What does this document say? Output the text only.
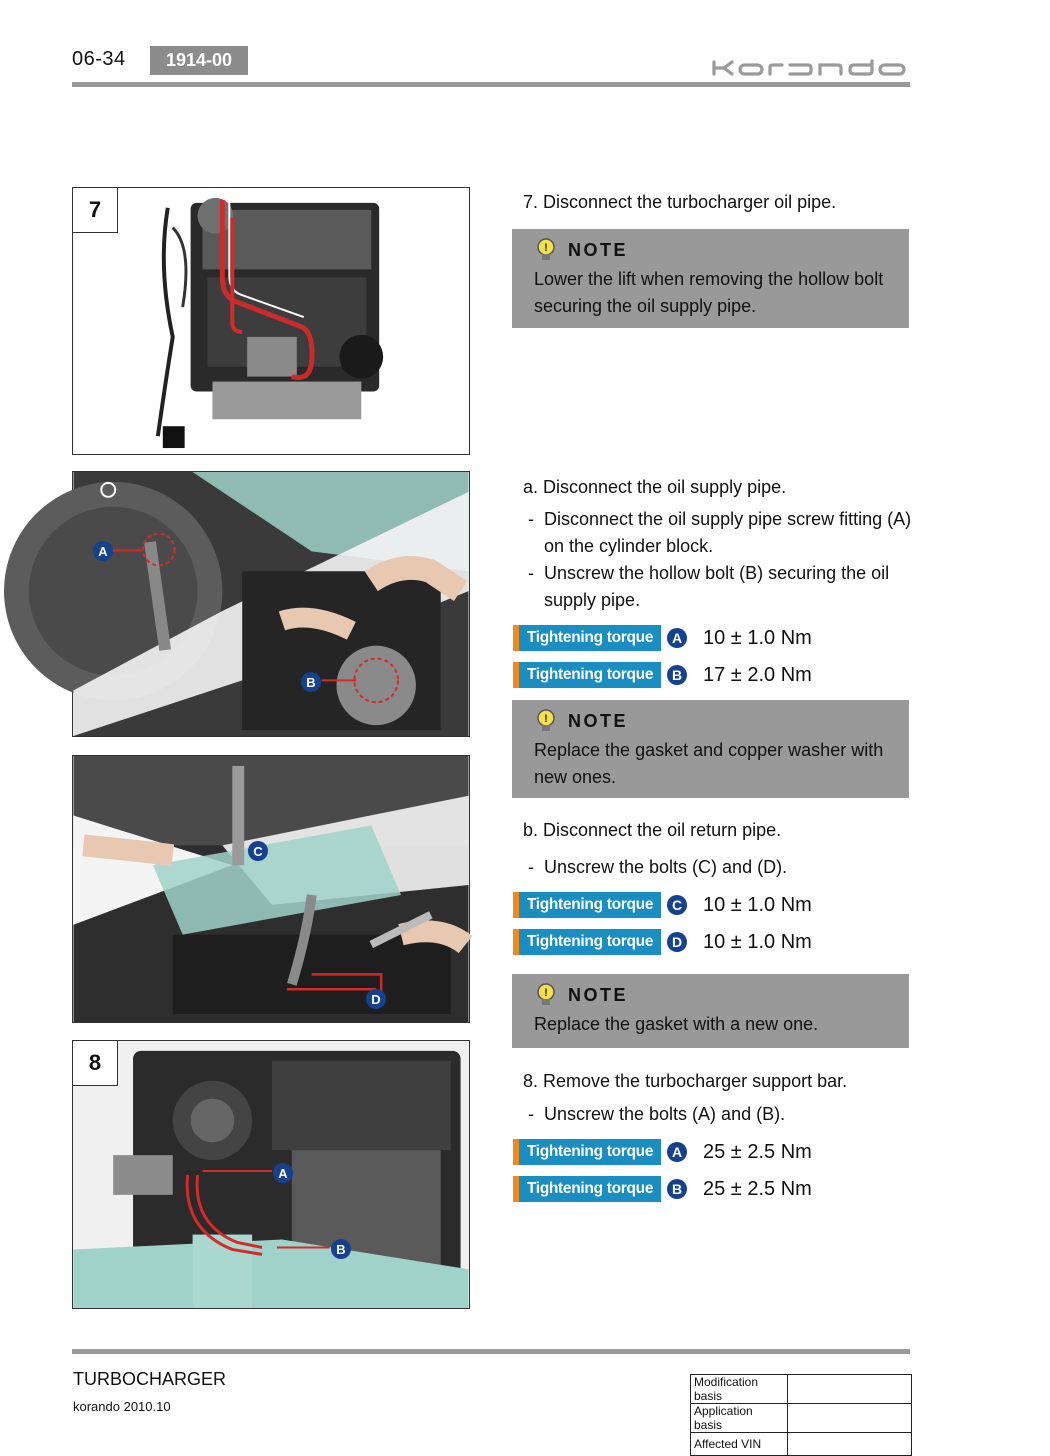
06-34	1914-00
7
A
B
C
D
8
A
B
7. Disconnect the turbocharger oil pipe.
! NOTE
Lower the lift when removing the hollow bolt securing the oil supply pipe.
a. Disconnect the oil supply pipe.
- Disconnect the oil supply pipe screw fitting (A) on the cylinder block.
- Unscrew the hollow bolt (B) securing the oil supply pipe.
Tightening torque	A 10 ± 1.0 Nm
Tightening torque	B 17 ± 2.0 Nm
! NOTE
Replace the gasket and copper washer with new ones.
b. Disconnect the oil return pipe.
- Unscrew the bolts (C) and (D).
Tightening torque	C 10 ± 1.0 Nm
Tightening torque	D 10 ± 1.0 Nm
! NOTE
Replace the gasket with a new one.
8. Remove the turbocharger support bar.
- Unscrew the bolts (A) and (B).
Tightening torque	A 25 ± 2.5 Nm
Tightening torque	B 25 ± 2.5 Nm
TURBOCHARGER
korando 2010.10
Modification basis	
Application basis	
Affected VIN	
